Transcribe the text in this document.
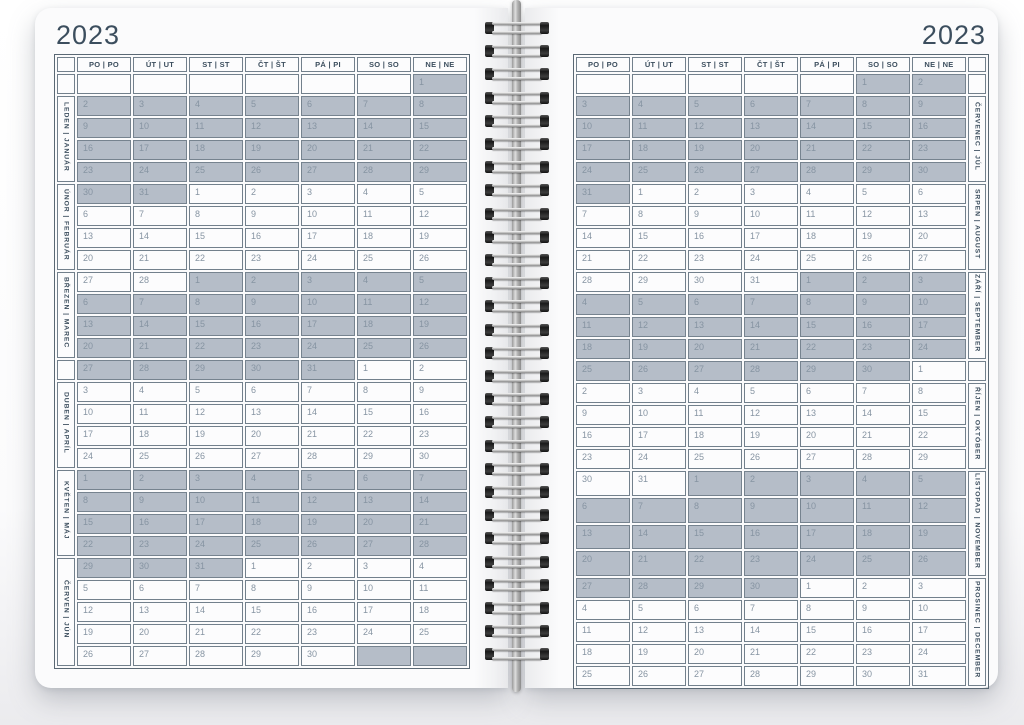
2023
	PO | PO	ÚT | UT	ST | ST	ČT | ŠT	PÁ | PI	SO | SO	NE | NE
							1
LEDEN | JANUÁR	2	3	4	5	6	7	8
	9	10	11	12	13	14	15
	16	17	18	19	20	21	22
	23	24	25	26	27	28	29
ÚNOR | FEBRUÁR	30	31	1	2	3	4	5
	6	7	8	9	10	11	12
	13	14	15	16	17	18	19
	20	21	22	23	24	25	26
BŘEZEN | MAREC	27	28	1	2	3	4	5
	6	7	8	9	10	11	12
	13	14	15	16	17	18	19
	20	21	22	23	24	25	26
	27	28	29	30	31	1	2
DUBEN | APRÍL	3	4	5	6	7	8	9
	10	11	12	13	14	15	16
	17	18	19	20	21	22	23
	24	25	26	27	28	29	30
KVĚTEN | MÁJ	1	2	3	4	5	6	7
	8	9	10	11	12	13	14
	15	16	17	18	19	20	21
	22	23	24	25	26	27	28
ČERVEN | JÚN	29	30	31	1	2	3	4
	5	6	7	8	9	10	11
	12	13	14	15	16	17	18
	19	20	21	22	23	24	25
	26	27	28	29	30		
2023
PO | PO	ÚT | UT	ST | ST	ČT | ŠT	PÁ | PI	SO | SO	NE | NE	
					1	2	
3	4	5	6	7	8	9	ČERVENEC | JÚL
10	11	12	13	14	15	16	
17	18	19	20	21	22	23	
24	25	26	27	28	29	30	
31	1	2	3	4	5	6	SRPEN | AUGUST
7	8	9	10	11	12	13	
14	15	16	17	18	19	20	
21	22	23	24	25	26	27	
28	29	30	31	1	2	3	ZÁŘÍ | SEPTEMBER
4	5	6	7	8	9	10	
11	12	13	14	15	16	17	
18	19	20	21	22	23	24	
25	26	27	28	29	30	1	
2	3	4	5	6	7	8	ŘÍJEN | OKTÓBER
9	10	11	12	13	14	15	
16	17	18	19	20	21	22	
23	24	25	26	27	28	29	
30	31	1	2	3	4	5	LISTOPAD | NOVEMBER
6	7	8	9	10	11	12	
13	14	15	16	17	18	19	
20	21	22	23	24	25	26	
27	28	29	30	1	2	3	PROSINEC | DECEMBER
4	5	6	7	8	9	10	
11	12	13	14	15	16	17	
18	19	20	21	22	23	24	
25	26	27	28	29	30	31	
